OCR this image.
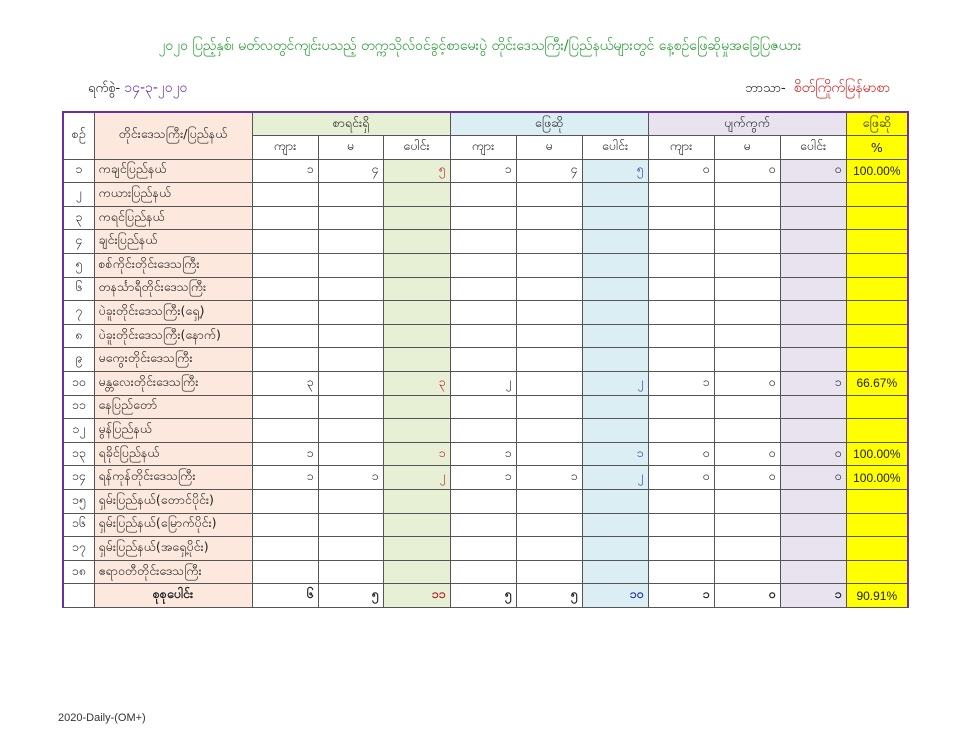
၂၀၂၀ ပြည့်နှစ်၊ မတ်လတွင်ကျင်းပသည့် တက္ကသိုလ်ဝင်ခွင့်စာမေးပွဲ တိုင်းဒေသကြီး/ပြည်နယ်များတွင် နေ့စဉ်ဖြေဆိုမှုအခြေပြဇယား
ရက်စွဲ- ၁၄-၃-၂၀၂၀	ဘာသာ- စိတ်ကြိုက်မြန်မာစာ
စဉ်	တိုင်းဒေသကြီး/ပြည်နယ်	စာရင်းရှိ			ဖြေဆို			ပျက်ကွက်			ဖြေဆို
		ကျား	မ	ပေါင်း	ကျား	မ	ပေါင်း	ကျား	မ	ပေါင်း	%
၁	ကချင်ပြည်နယ်	၁	၄	၅	၁	၄	၅	၀	၀	၀	100.00%
၂	ကယားပြည်နယ်										
၃	ကရင်ပြည်နယ်										
၄	ချင်းပြည်နယ်										
၅	စစ်ကိုင်းတိုင်းဒေသကြီး										
၆	တနင်္သာရီတိုင်းဒေသကြီး										
၇	ပဲခူးတိုင်းဒေသကြီး(ရှေ့)										
၈	ပဲခူးတိုင်းဒေသကြီး(နောက်)										
၉	မကွေးတိုင်းဒေသကြီး										
၁၀	မန္တလေးတိုင်းဒေသကြီး	၃		၃	၂		၂	၁	၀	၁	66.67%
၁၁	နေပြည်တော်										
၁၂	မွန်ပြည်နယ်										
၁၃	ရခိုင်ပြည်နယ်	၁		၁	၁		၁	၀	၀	၀	100.00%
၁၄	ရန်ကုန်တိုင်းဒေသကြီး	၁	၁	၂	၁	၁	၂	၀	၀	၀	100.00%
၁၅	ရှမ်းပြည်နယ်(တောင်ပိုင်း)										
၁၆	ရှမ်းပြည်နယ်(မြောက်ပိုင်း)										
၁၇	ရှမ်းပြည်နယ်(အရှေ့ပိုင်း)										
၁၈	ဧရာဝတီတိုင်းဒေသကြီး										
	စုစုပေါင်း	၆	၅	၁၁	၅	၅	၁၀	၁	၀	၁	90.91%
2020-Daily-(OM+)
